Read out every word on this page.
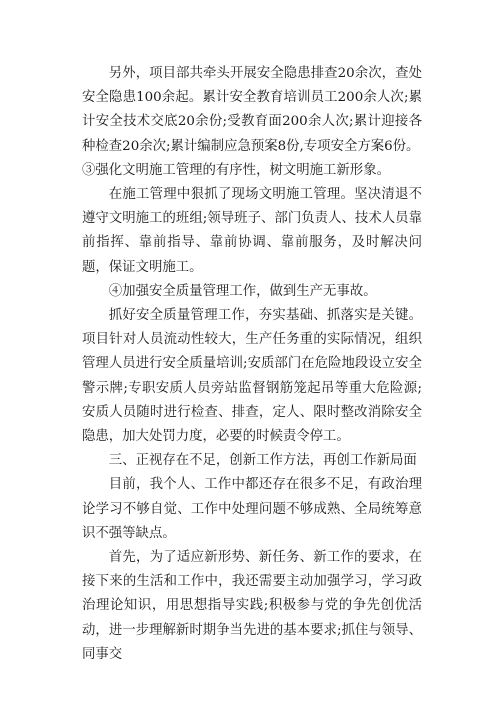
另外，项目部共牵头开展安全隐患排查20余次，查处安全隐患100余起。累计安全教育培训员工200余人次;累计安全技术交底20余份;受教育面200余人次;累计迎接各种检查20余次;累计编制应急预案8份,专项安全方案6份。

③强化文明施工管理的有序性，树文明施工新形象。

在施工管理中狠抓了现场文明施工管理。坚决清退不遵守文明施工的班组;领导班子、部门负责人、技术人员靠前指挥、靠前指导、靠前协调、靠前服务，及时解决问题，保证文明施工。

④加强安全质量管理工作，做到生产无事故。

抓好安全质量管理工作，夯实基础、抓落实是关键。项目针对人员流动性较大，生产任务重的实际情况，组织管理人员进行安全质量培训;安质部门在危险地段设立安全警示牌;专职安质人员旁站监督钢筋笼起吊等重大危险源;安质人员随时进行检查、排查，定人、限时整改消除安全隐患，加大处罚力度，必要的时候责令停工。

三、正视存在不足，创新工作方法，再创工作新局面

目前，我个人、工作中都还存在很多不足，有政治理论学习不够自觉、工作中处理问题不够成熟、全局统筹意识不强等缺点。

首先，为了适应新形势、新任务、新工作的要求，在接下来的生活和工作中，我还需要主动加强学习，学习政治理论知识，用思想指导实践;积极参与党的争先创优活动，进一步理解新时期争当先进的基本要求;抓住与领导、同事交
